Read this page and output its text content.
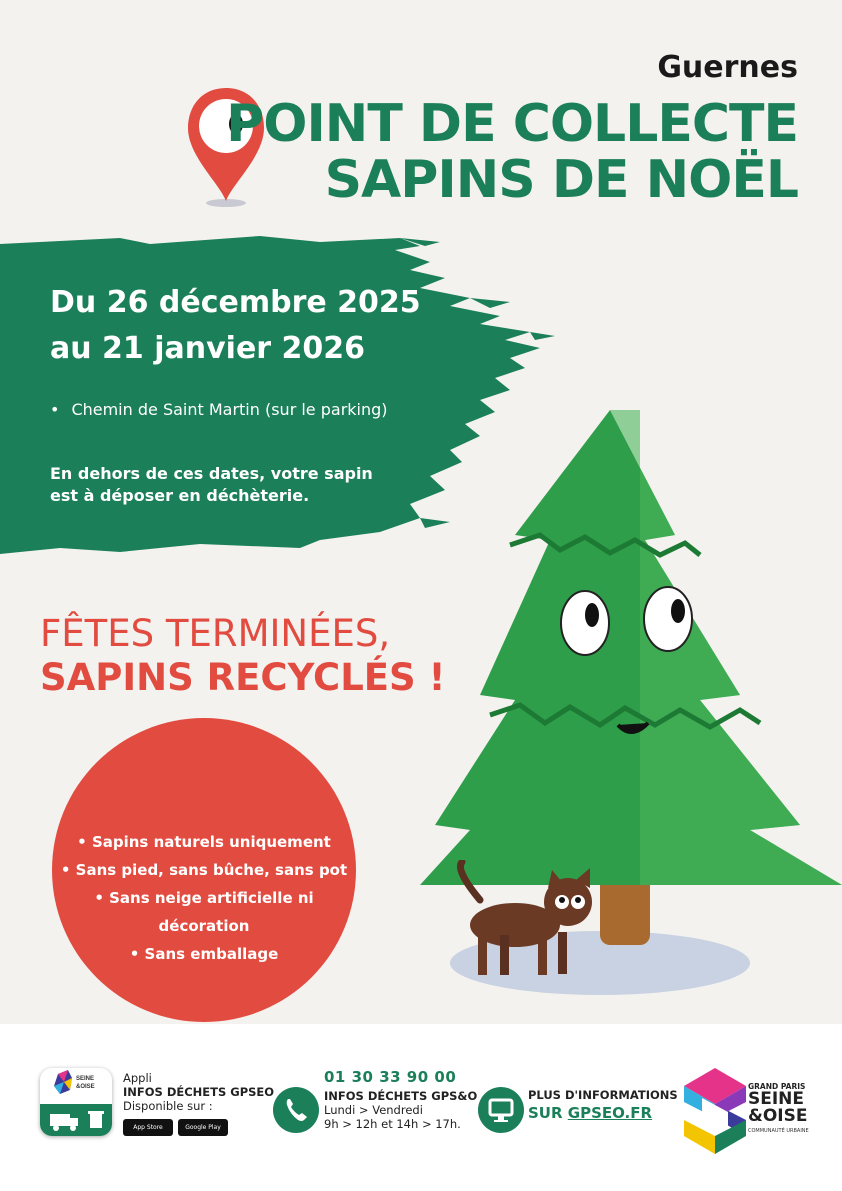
Guernes
POINT DE COLLECTE
SAPINS DE NOËL
Du 26 décembre 2025
au 21 janvier 2026
• Chemin de Saint Martin (sur le parking)
En dehors de ces dates, votre sapin
est à déposer en déchèterie.
FÊTES TERMINÉES,
SAPINS RECYCLÉS !
• Sapins naturels uniquement
• Sans pied, sans bûche, sans pot
• Sans neige artificielle ni décoration
• Sans emballage
SEINE
&OISE
Appli
INFOS DÉCHETS GPSEO
Disponible sur :
App Store	Google Play
01 30 33 90 00
INFOS DÉCHETS GPS&O
Lundi > Vendredi
9h > 12h et 14h > 17h.
PLUS D'INFORMATIONS
SUR GPSEO.FR
GRAND PARIS
SEINE
&OISE
COMMUNAUTÉ URBAINE
